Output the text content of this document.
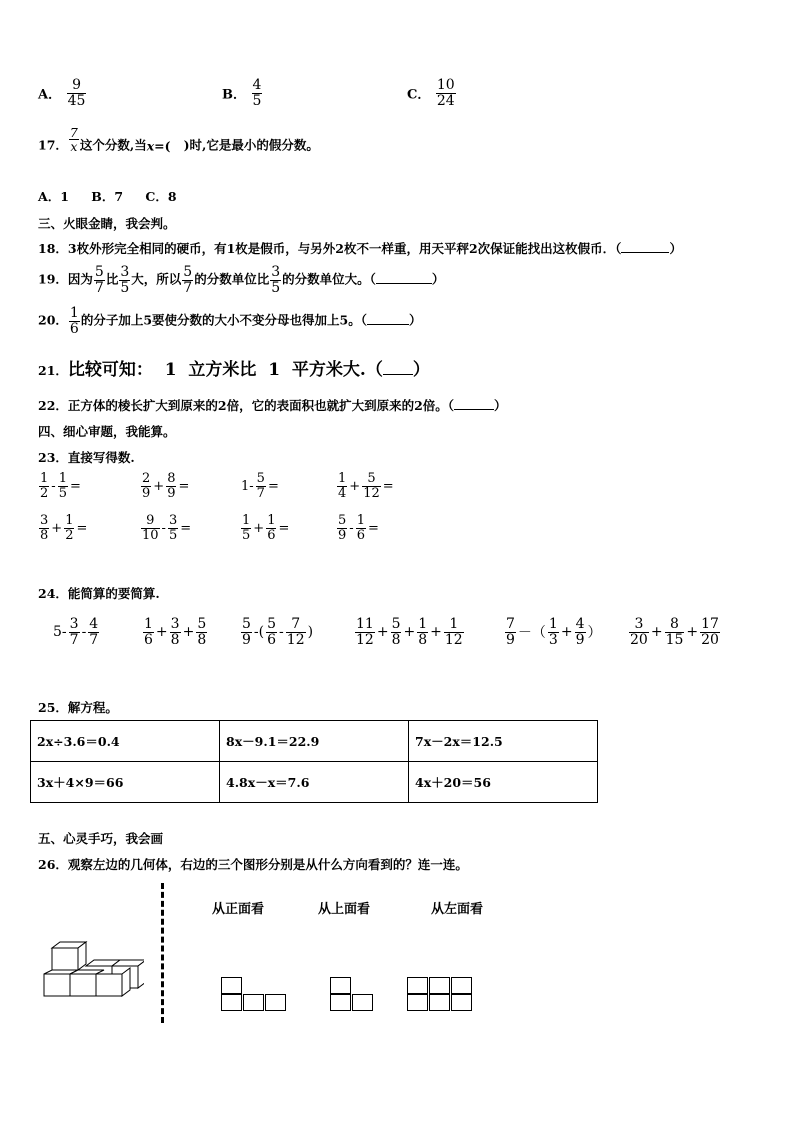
A． $\frac{9}{45}$	B． $\frac{4}{5}$	C． $\frac{10}{24}$
17． $\frac{7}{x}$ 这个分数,当x=(   )时,它是最小的假分数。
A．1 B．7 C．8
三、火眼金睛，我会判。
18．3枚外形完全相同的硬币，有1枚是假币，与另外2枚不一样重，用天平秤2次保证能找出这枚假币．（	）
19．因为 $\frac{5}{7}$ 比 $\frac{3}{5}$ 大，所以 $\frac{5}{7}$ 的分数单位比 $\frac{3}{5}$ 的分数单位大。（	）
20． $\frac{1}{6}$ 的分子加上5要使分数的大小不变分母也得加上5。（	）
21．比较可知：  1  立方米比  1  平方米大.（ ）
22．正方体的棱长扩大到原来的2倍，它的表面积也就扩大到原来的2倍。（	）
四、细心审题，我能算。
23．直接写得数.
$\frac{1}{2} - \frac{1}{5}$ =	$\frac{2}{9} + \frac{8}{9}$ =	$1- \frac{5}{7}$ =	$\frac{1}{4} + \frac{5}{12}$ =
$\frac{3}{8} + \frac{1}{2}$ =	$\frac{9}{10} - \frac{3}{5}$ =	$\frac{1}{5} + \frac{1}{6}$ =	$\frac{5}{9} - \frac{1}{6}$ =
24．能简算的要简算.
$5- \frac{3}{7} - \frac{4}{7}$	$\frac{1}{6} + \frac{3}{8} + \frac{5}{8} \frac{5}{9}$ -( $\frac{5}{6} - \frac{7}{12}$ )	$\frac{11}{12} + \frac{5}{8} + \frac{1}{8} + \frac{1}{12}$	$\frac{7}{9}$ －（ $\frac{1}{3} + \frac{4}{9}$ ） $\frac{3}{20} + \frac{8}{15} + \frac{17}{20}$
25．解方程。
2x÷3.6＝0.4	8x－9.1＝22.9	7x－2x＝12.5
3x＋4×9＝66	4.8x－x＝7.6	4x＋20＝56
五、心灵手巧，我会画
26．观察左边的几何体，右边的三个图形分别是从什么方向看到的？连一连。
从正面看	从上面看	从左面看
